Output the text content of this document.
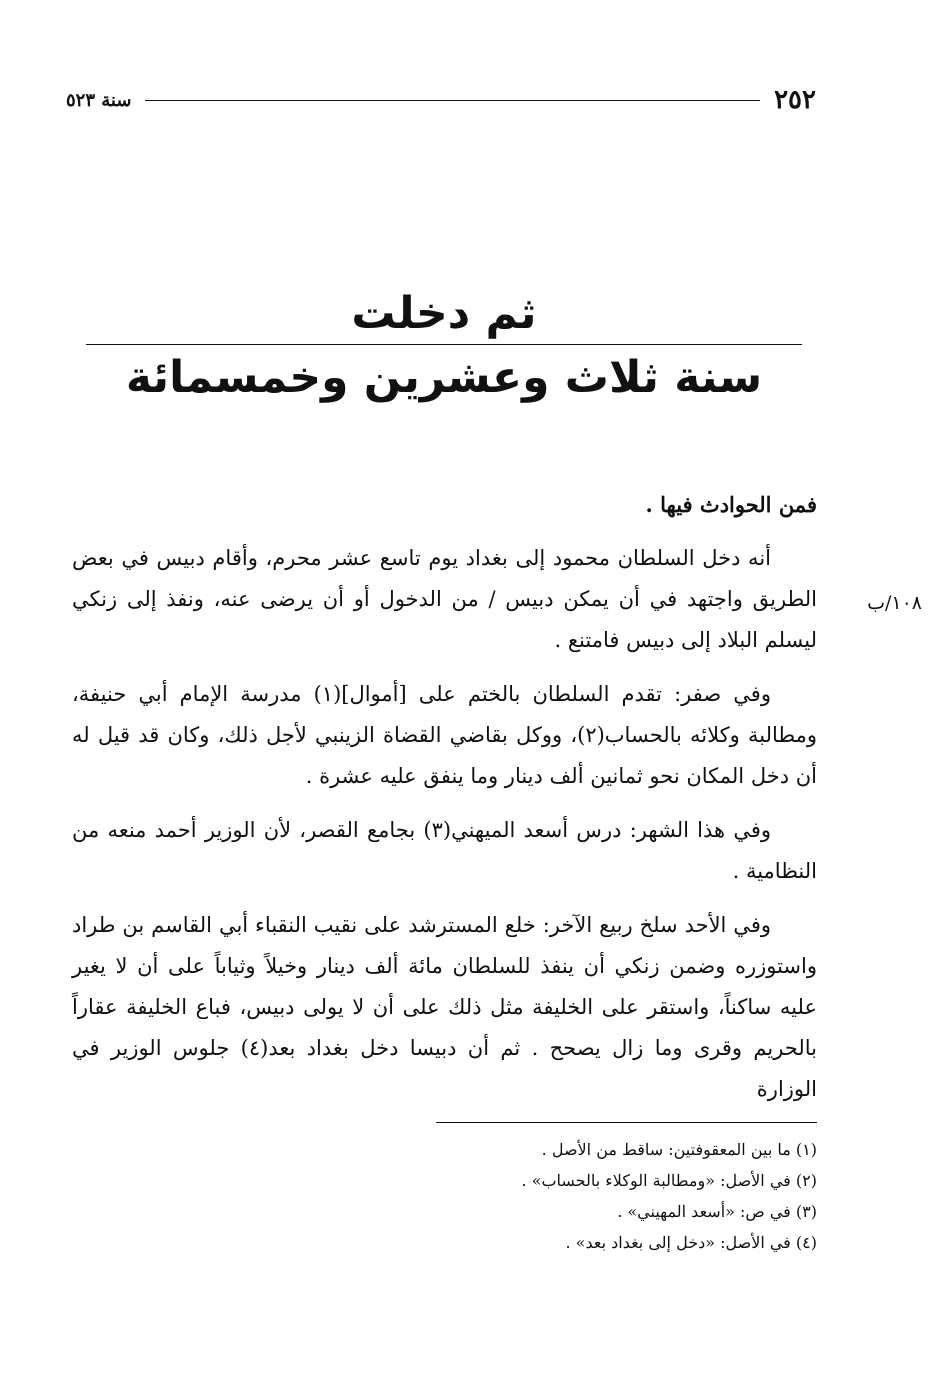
٢٥٢
سنة ٥٢٣
ثم دخلت
سنة ثلاث وعشرين وخمسمائة
١٠٨/ب

فمن الحوادث فيها .

أنه دخل السلطان محمود إلى بغداد يوم تاسع عشر محرم، وأقام دبيس في بعض الطريق واجتهد في أن يمكن دبيس / من الدخول أو أن يرضى عنه، ونفذ إلى زنكي ليسلم البلاد إلى دبيس فامتنع .

وفي صفر: تقدم السلطان بالختم على [أموال](١) مدرسة الإمام أبي حنيفة، ومطالبة وكلائه بالحساب(٢)، ووكل بقاضي القضاة الزينبي لأجل ذلك، وكان قد قيل له أن دخل المكان نحو ثمانين ألف دينار وما ينفق عليه عشرة .

وفي هذا الشهر: درس أسعد الميهني(٣) بجامع القصر، لأن الوزير أحمد منعه من النظامية .

وفي الأحد سلخ ربيع الآخر: خلع المسترشد على نقيب النقباء أبي القاسم بن طراد واستوزره وضمن زنكي أن ينفذ للسلطان مائة ألف دينار وخيلاً وثياباً على أن لا يغير عليه ساكناً، واستقر على الخليفة مثل ذلك على أن لا يولى دبيس، فباع الخليفة عقاراً بالحريم وقرى وما زال يصحح . ثم أن دبيسا دخل بغداد بعد(٤) جلوس الوزير في الوزارة

(١) ما بين المعقوفتين: ساقط من الأصل .

(٢) في الأصل: «ومطالبة الوكلاء بالحساب» .

(٣) في ص: «أسعد المهيني» .

(٤) في الأصل: «دخل إلى بغداد بعد» .
